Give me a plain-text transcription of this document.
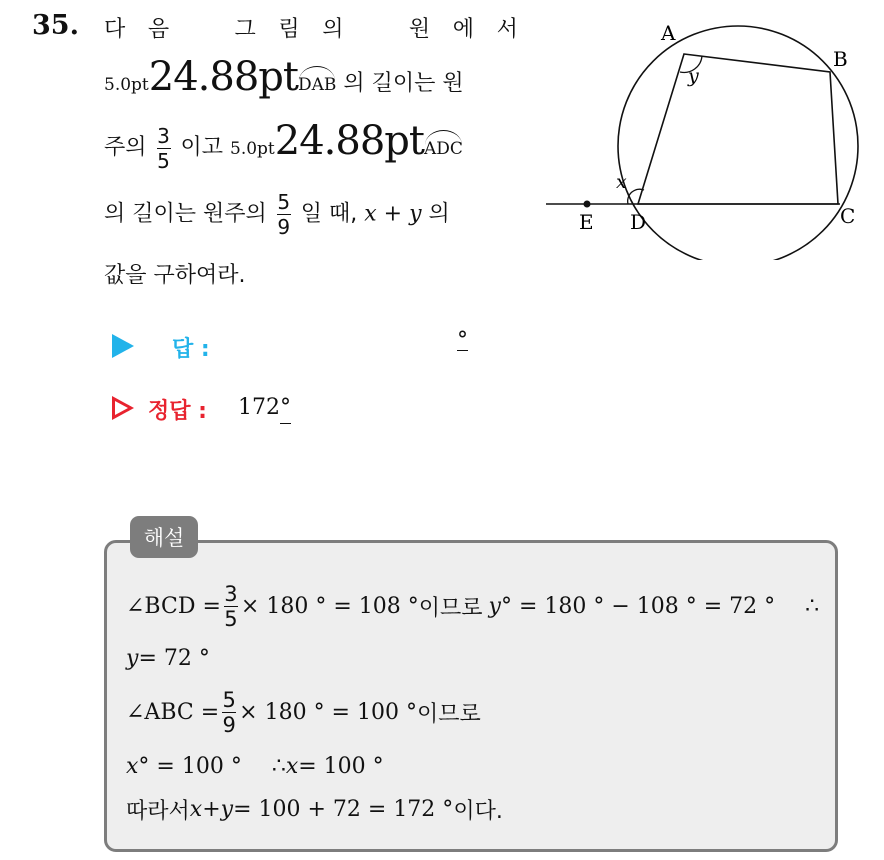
35. 다 음	그 림 의	원 에 서
5.0pt24.88ptDAB 의 길이는 원
주의 $\frac{3}{5}$ 이고 5.0pt24.88ptADC
의 길이는 원주의 $\frac{5}{9}$ 일 때, x + y 의
값을 구하여라.
A
B
C
D
E
x
y
답 :	°
정답 : 172°
해설
∠BCD = $\frac{3}{5} \times 180$ ° = 108 ° 이므로 y ° = 180 ° − 108 ° = 72 ° ∴
y = 72 °
∠ABC = $\frac{5}{9} \times 180$ ° = 100 ° 이므로
x ° = 100 ° ∴ x = 100 °
따라서 x + y = 100 + 72 = 172 ° 이다.
